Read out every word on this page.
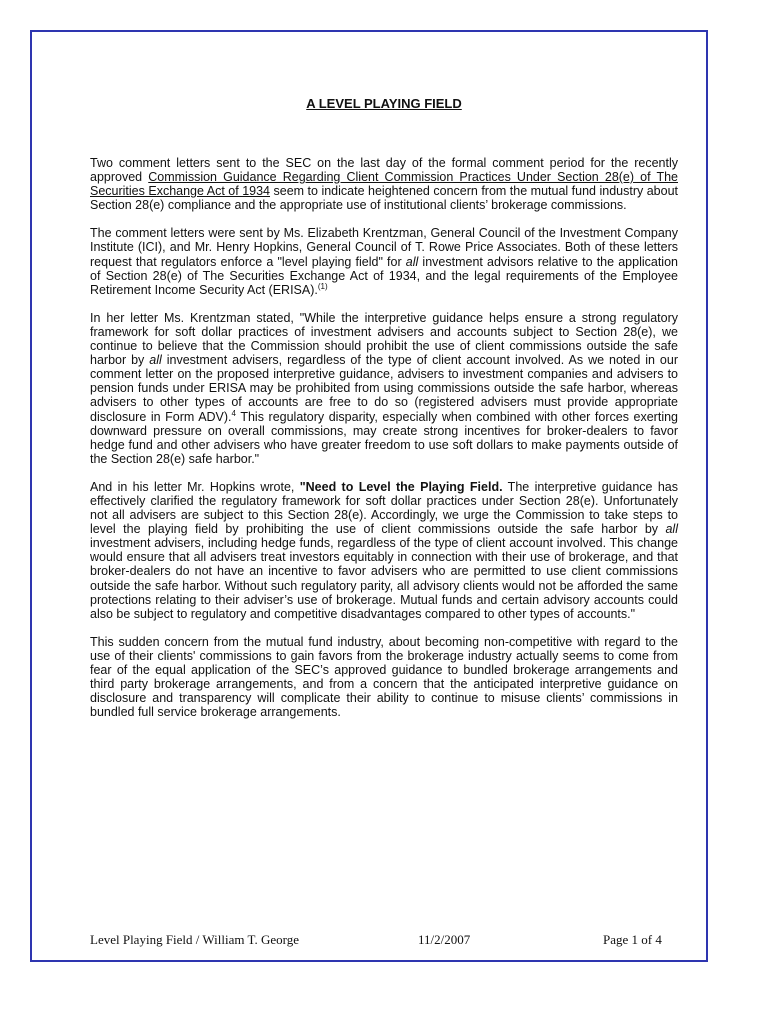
A LEVEL PLAYING FIELD

Two comment letters sent to the SEC on the last day of the formal comment period for the recently approved Commission Guidance Regarding Client Commission Practices Under Section 28(e) of The Securities Exchange Act of 1934 seem to indicate heightened concern from the mutual fund industry about Section 28(e) compliance and the appropriate use of institutional clients’ brokerage commissions.

The comment letters were sent by Ms. Elizabeth Krentzman, General Council of the Investment Company Institute (ICI), and Mr. Henry Hopkins, General Council of T. Rowe Price Associates. Both of these letters request that regulators enforce a "level playing field" for all investment advisors relative to the application of Section 28(e) of The Securities Exchange Act of 1934, and the legal requirements of the Employee Retirement Income Security Act (ERISA).$^{(1)}$

In her letter Ms. Krentzman stated, "While the interpretive guidance helps ensure a strong regulatory framework for soft dollar practices of investment advisers and accounts subject to Section 28(e), we continue to believe that the Commission should prohibit the use of client commissions outside the safe harbor by all investment advisers, regardless of the type of client account involved. As we noted in our comment letter on the proposed interpretive guidance, advisers to investment companies and advisers to pension funds under ERISA may be prohibited from using commissions outside the safe harbor, whereas advisers to other types of accounts are free to do so (registered advisers must provide appropriate disclosure in Form ADV).$^4$ This regulatory disparity, especially when combined with other forces exerting downward pressure on overall commissions, may create strong incentives for broker-dealers to favor hedge fund and other advisers who have greater freedom to use soft dollars to make payments outside of the Section 28(e) safe harbor."

And in his letter Mr. Hopkins wrote, "Need to Level the Playing Field. The interpretive guidance has effectively clarified the regulatory framework for soft dollar practices under Section 28(e). Unfortunately not all advisers are subject to this Section 28(e). Accordingly, we urge the Commission to take steps to level the playing field by prohibiting the use of client commissions outside the safe harbor by all investment advisers, including hedge funds, regardless of the type of client account involved. This change would ensure that all advisers treat investors equitably in connection with their use of brokerage, and that broker-dealers do not have an incentive to favor advisers who are permitted to use client commissions outside the safe harbor. Without such regulatory parity, all advisory clients would not be afforded the same protections relating to their adviser’s use of brokerage. Mutual funds and certain advisory accounts could also be subject to regulatory and competitive disadvantages compared to other types of accounts."

This sudden concern from the mutual fund industry, about becoming non-competitive with regard to the use of their clients' commissions to gain favors from the brokerage industry actually seems to come from fear of the equal application of the SEC’s approved guidance to bundled brokerage arrangements and third party brokerage arrangements, and from a concern that the anticipated interpretive guidance on disclosure and transparency will complicate their ability to continue to misuse clients’ commissions in bundled full service brokerage arrangements.

Level Playing Field / William T. George	11/2/2007	Page 1 of 4
